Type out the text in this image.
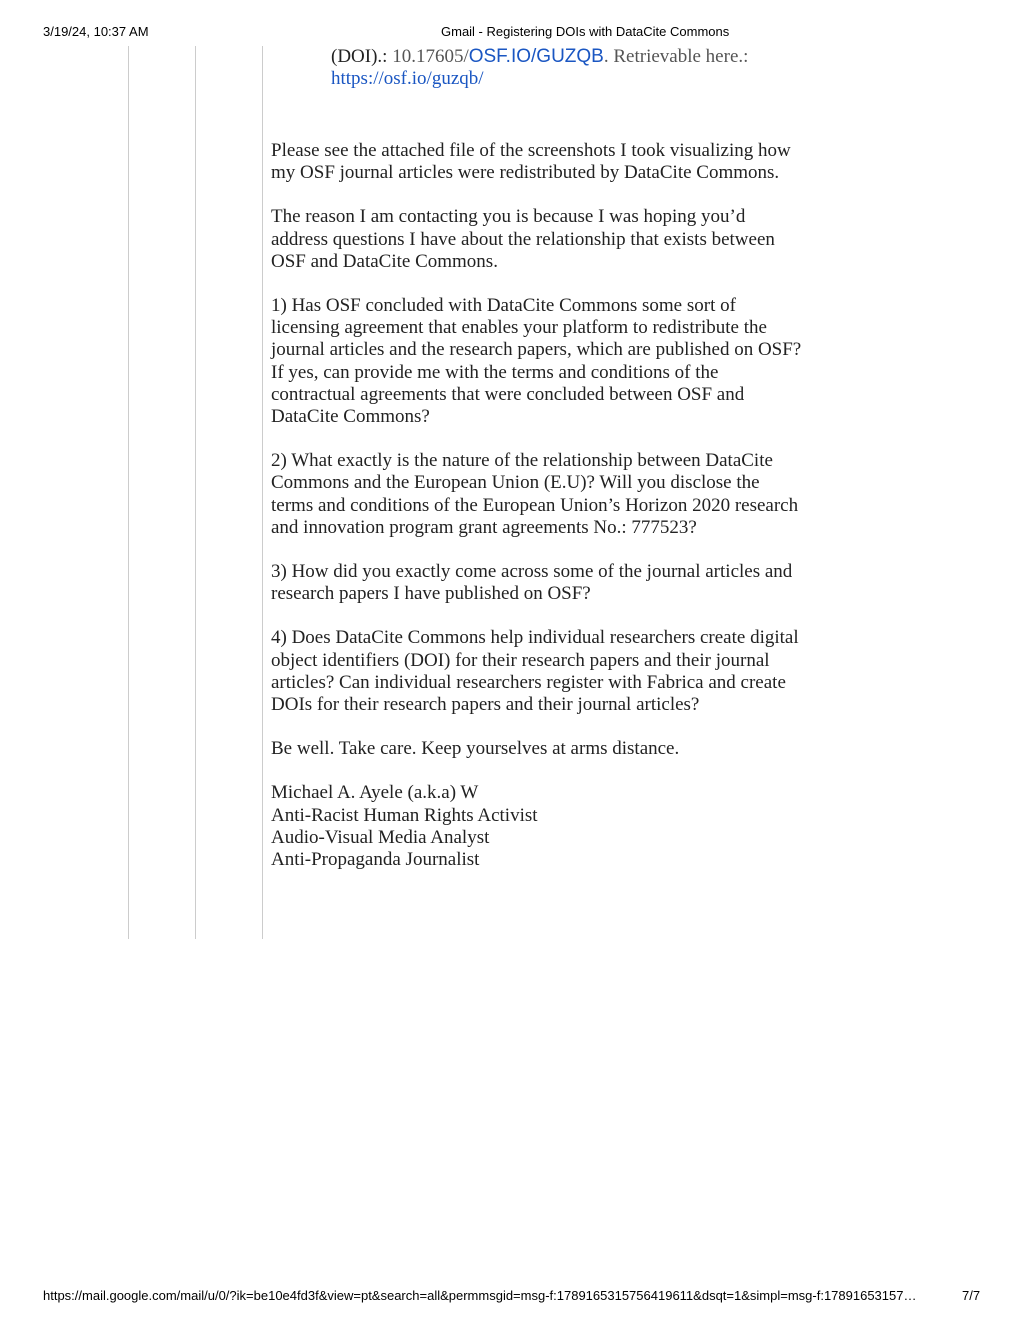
3/19/24, 10:37 AM	Gmail - Registering DOIs with DataCite Commons
(DOI).: 10.17605/OSF.IO/GUZQB. Retrievable here.:
https://osf.io/guzqb/

Please see the attached file of the screenshots I took visualizing how my OSF journal articles were redistributed by DataCite Commons.

The reason I am contacting you is because I was hoping you’d address questions I have about the relationship that exists between OSF and DataCite Commons.

1) Has OSF concluded with DataCite Commons some sort of licensing agreement that enables your platform to redistribute the journal articles and the research papers, which are published on OSF? If yes, can provide me with the terms and conditions of the contractual agreements that were concluded between OSF and DataCite Commons?

2) What exactly is the nature of the relationship between DataCite Commons and the European Union (E.U)? Will you disclose the terms and conditions of the European Union’s Horizon 2020 research and innovation program grant agreements No.: 777523?

3) How did you exactly come across some of the journal articles and research papers I have published on OSF?

4) Does DataCite Commons help individual researchers create digital object identifiers (DOI) for their research papers and their journal articles? Can individual researchers register with Fabrica and create DOIs for their research papers and their journal articles?

Be well. Take care. Keep yourselves at arms distance.

Michael A. Ayele (a.k.a) W
Anti-Racist Human Rights Activist
Audio-Visual Media Analyst
Anti-Propaganda Journalist
https://mail.google.com/mail/u/0/?ik=be10e4fd3f&view=pt&search=all&permmsgid=msg-f:1789165315756419611&dsqt=1&simpl=msg-f:17891653157…	7/7
